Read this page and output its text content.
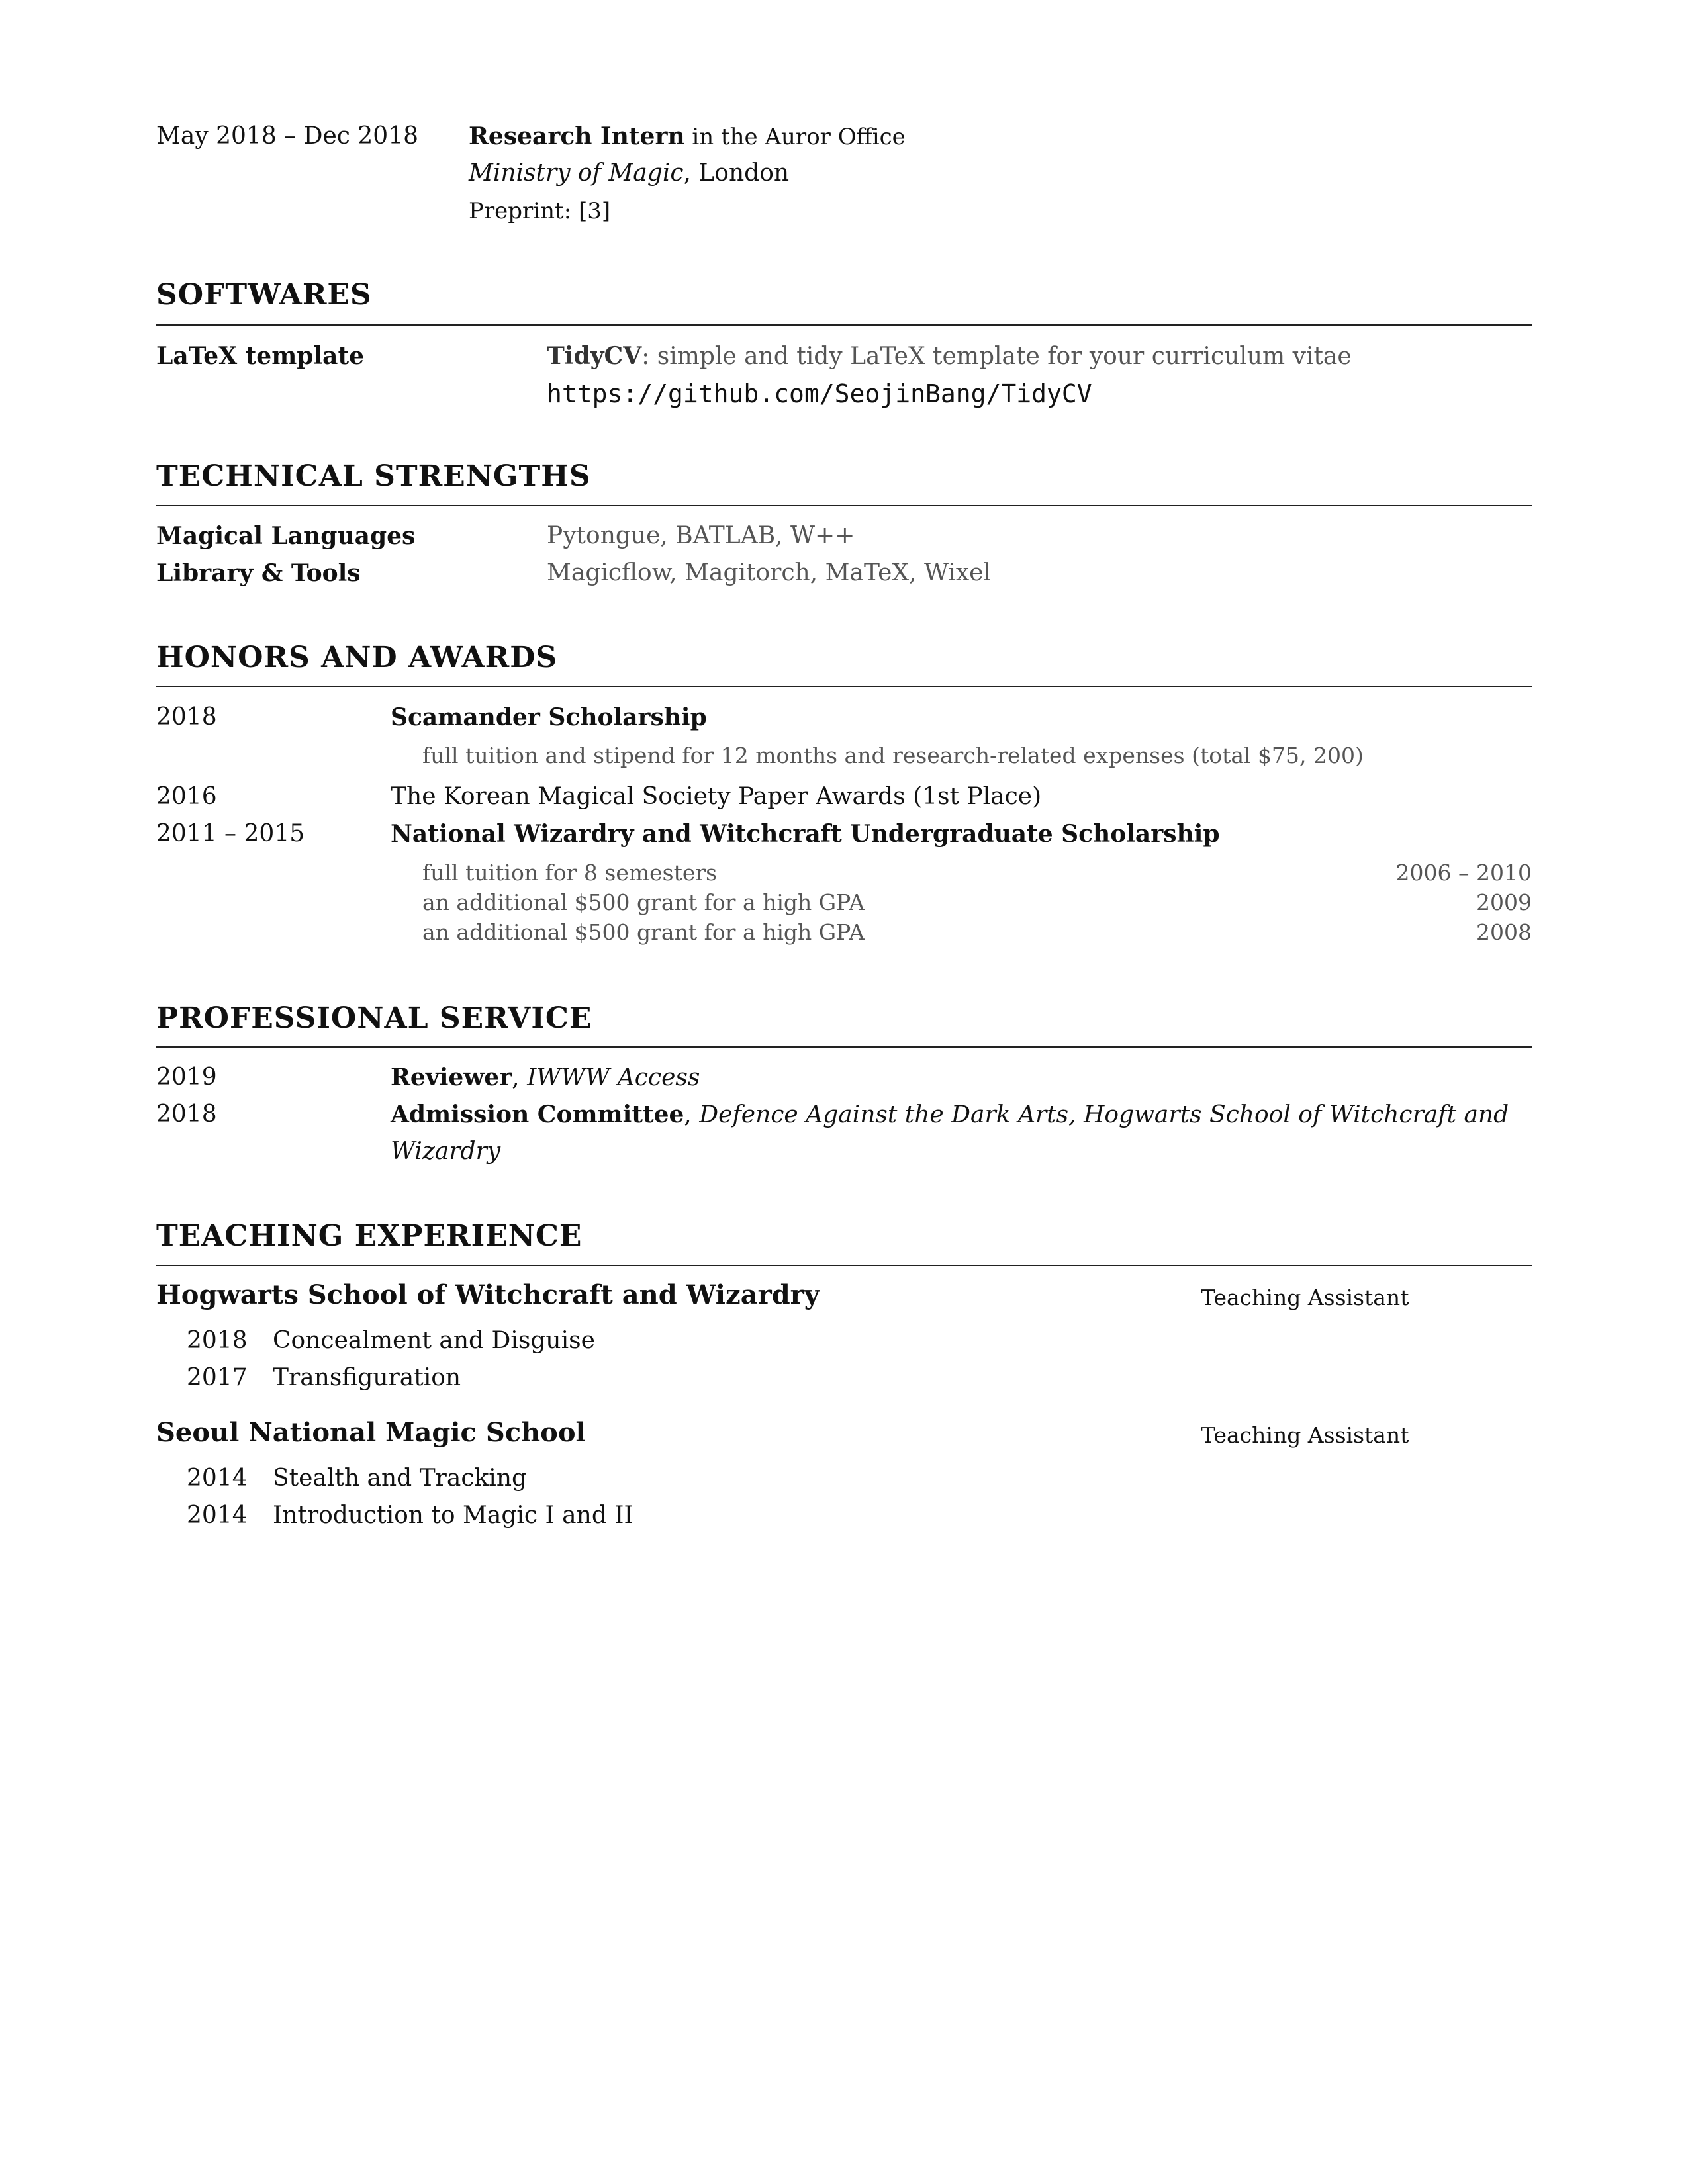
May 2018 – Dec 2018 Research Intern in the Auror Office
Ministry of Magic, London
Preprint: [3]
SOFTWARES
LaTeX template	TidyCV: simple and tidy LaTeX template for your curriculum vitae
https://github.com/SeojinBang/TidyCV
TECHNICAL STRENGTHS
Magical Languages	Pytongue, BATLAB, W++
Library & Tools	Magicflow, Magitorch, MaTeX, Wixel
HONORS AND AWARDS
2018	Scamander Scholarship
full tuition and stipend for 12 months and research-related expenses (total $75, 200)
2016	The Korean Magical Society Paper Awards (1st Place)
2011 – 2015	National Wizardry and Witchcraft Undergraduate Scholarship
full tuition for 8 semesters	2006 – 2010
an additional $500 grant for a high GPA	2009
an additional $500 grant for a high GPA	2008
PROFESSIONAL SERVICE
2019	Reviewer, IWWW Access
2018	Admission Committee, Defence Against the Dark Arts, Hogwarts School of Witchcraft and
Wizardry
TEACHING EXPERIENCE
Hogwarts School of Witchcraft and Wizardry	Teaching Assistant
2018 Concealment and Disguise
2017 Transfiguration
Seoul National Magic School	Teaching Assistant
2014 Stealth and Tracking
2014 Introduction to Magic I and II
